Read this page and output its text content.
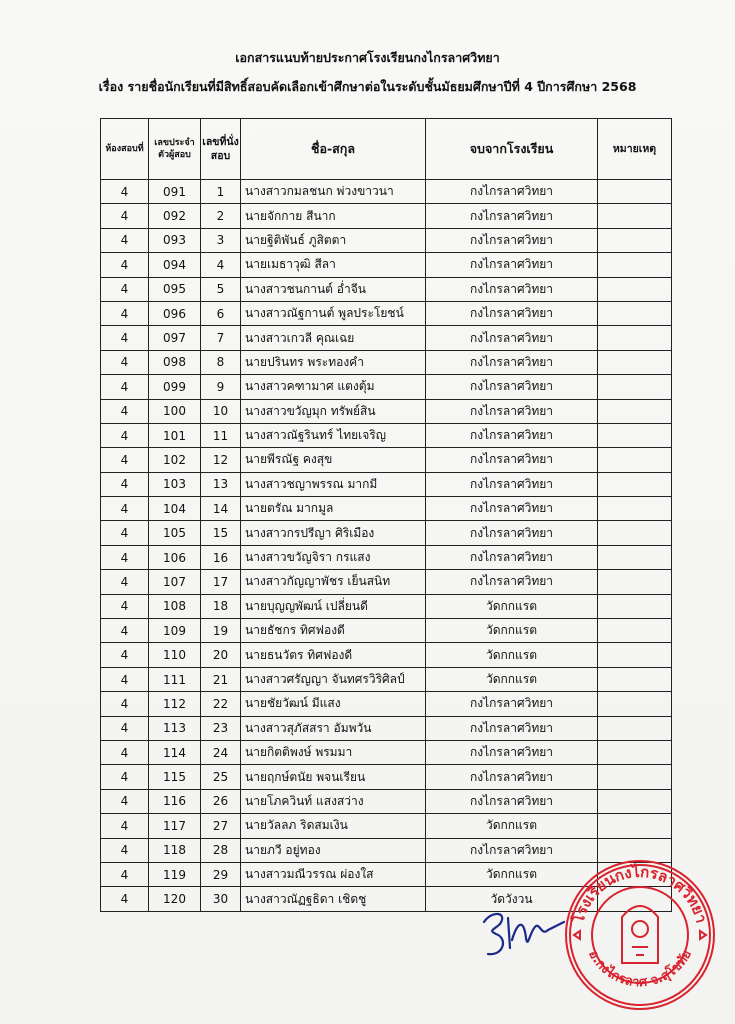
เอกสารแนบท้ายประกาศโรงเรียนกงไกรลาศวิทยา
เรื่อง รายชื่อนักเรียนที่มีสิทธิ์สอบคัดเลือกเข้าศึกษาต่อในระดับชั้นมัธยมศึกษาปีที่ 4 ปีการศึกษา 2568
ห้องสอบที่	เลขประจำตัวผู้สอบ	เลขที่นั่งสอบ	ชื่อ-สกุล	จบจากโรงเรียน	หมายเหตุ
4	091	1	นางสาวกมลชนก พ่วงขาวนา	กงไกรลาศวิทยา	
4	092	2	นายจักกาย สีนาก	กงไกรลาศวิทยา	
4	093	3	นายฐิติพันธ์ ภูสิตตา	กงไกรลาศวิทยา	
4	094	4	นายเมธาวุฒิ สีลา	กงไกรลาศวิทยา	
4	095	5	นางสาวชนกานต์ อ่ำจีน	กงไกรลาศวิทยา	
4	096	6	นางสาวณัฐกานต์ พูลประโยชน์	กงไกรลาศวิทยา	
4	097	7	นางสาวเกวลี คุณเฉย	กงไกรลาศวิทยา	
4	098	8	นายปรินทร พระทองคำ	กงไกรลาศวิทยา	
4	099	9	นางสาวคฑามาศ แตงตุ้ม	กงไกรลาศวิทยา	
4	100	10	นางสาวขวัญมุก ทรัพย์สิน	กงไกรลาศวิทยา	
4	101	11	นางสาวณัฐรินทร์ ไทยเจริญ	กงไกรลาศวิทยา	
4	102	12	นายพีรณัฐ คงสุข	กงไกรลาศวิทยา	
4	103	13	นางสาวชญาพรรณ มากมี	กงไกรลาศวิทยา	
4	104	14	นายตรัณ มากมูล	กงไกรลาศวิทยา	
4	105	15	นางสาวกรปรีญา ศิริเมือง	กงไกรลาศวิทยา	
4	106	16	นางสาวขวัญจิรา กรแสง	กงไกรลาศวิทยา	
4	107	17	นางสาวกัญญาพัชร เย็นสนิท	กงไกรลาศวิทยา	
4	108	18	นายบุญญพัฒน์ เปลี่ยนดี	วัดกกแรต	
4	109	19	นายธัชกร ทิศฟองดี	วัดกกแรต	
4	110	20	นายธนวัตร ทิศฟองดี	วัดกกแรต	
4	111	21	นางสาวศรัญญา จันทศรวิริศิลป์	วัดกกแรต	
4	112	22	นายชัยวัฒน์ มีแสง	กงไกรลาศวิทยา	
4	113	23	นางสาวสุภัสสรา อัมพวัน	กงไกรลาศวิทยา	
4	114	24	นายกิตติพงษ์ พรมมา	กงไกรลาศวิทยา	
4	115	25	นายฤกษ์ตนัย พจนเรียน	กงไกรลาศวิทยา	
4	116	26	นายโภควินท์ แสงสว่าง	กงไกรลาศวิทยา	
4	117	27	นายวัลลภ ริดสมเงิน	วัดกกแรต	
4	118	28	นายภวี อยู่ทอง	กงไกรลาศวิทยา	
4	119	29	นางสาวมณีวรรณ ผ่องใส	วัดกกแรต	
4	120	30	นางสาวณัฏฐธิดา เชิดชู	วัดวังวน	
โรงเรียนกงไกรลาศวิทยา
อ.กงไกรลาศ จ.สุโขทัย
